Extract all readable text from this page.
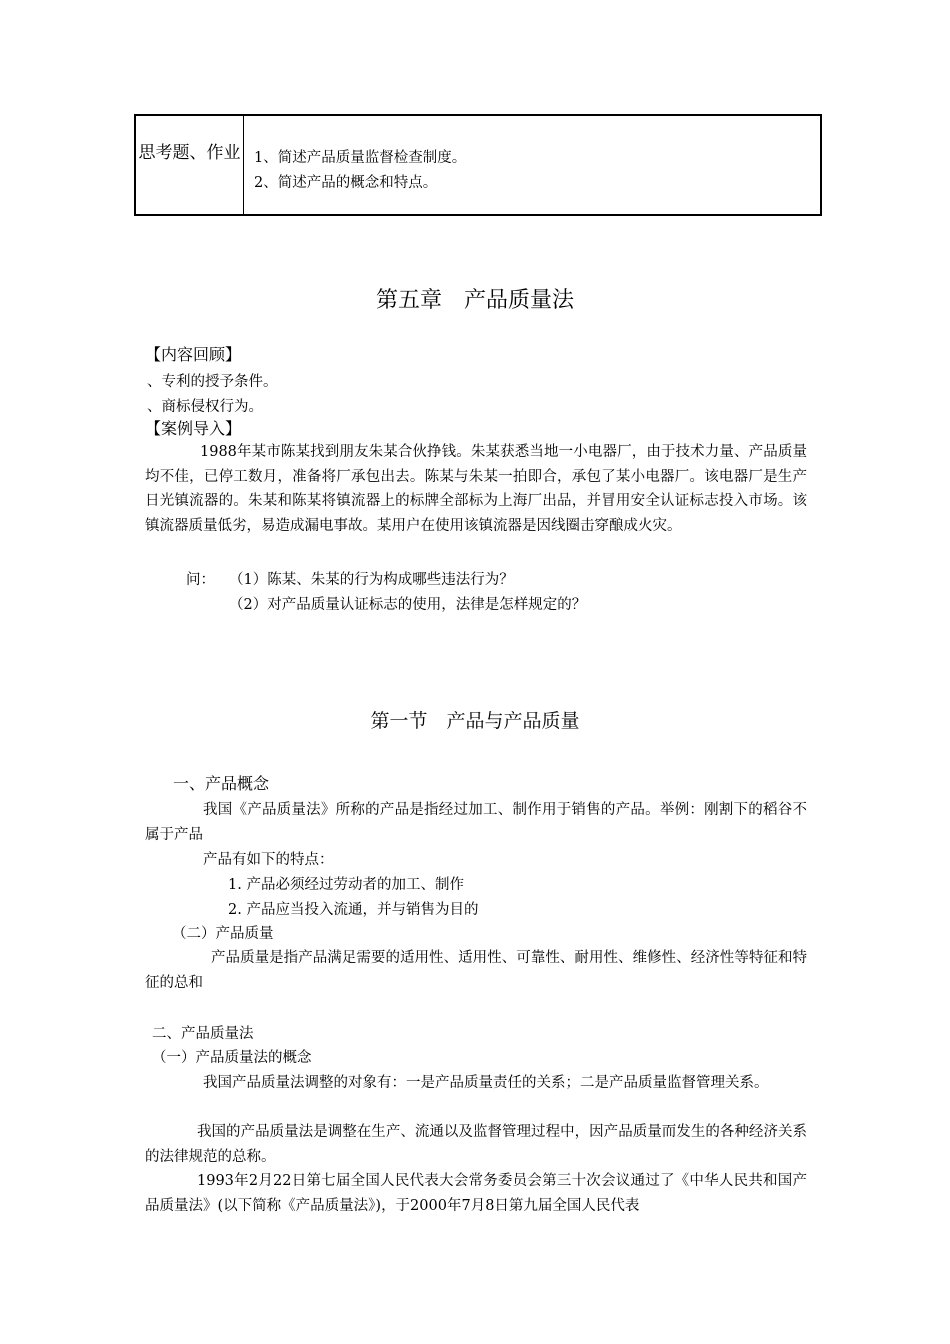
思考题、作业 1、简述产品质量监督检查制度。
2、简述产品的概念和特点。
第五章　产品质量法
【内容回顾】
、专利的授予条件。
、商标侵权行为。
【案例导入】
1988年某市陈某找到朋友朱某合伙挣钱。朱某获悉当地一小电器厂，由于技术力量、产品质量均不佳，已停工数月，准备将厂承包出去。陈某与朱某一拍即合，承包了某小电器厂。该电器厂是生产日光镇流器的。朱某和陈某将镇流器上的标牌全部标为上海厂出品，并冒用安全认证标志投入市场。该镇流器质量低劣，易造成漏电事故。某用户在使用该镇流器是因线圈击穿酿成火灾。
问： （1）陈某、朱某的行为构成哪些违法行为？
（2）对产品质量认证标志的使用，法律是怎样规定的？
第一节　产品与产品质量
一、产品概念
我国《产品质量法》所称的产品是指经过加工、制作用于销售的产品。举例：刚割下的稻谷不属于产品
产品有如下的特点：
1. 产品必须经过劳动者的加工、制作
2. 产品应当投入流通，并与销售为目的
（二）产品质量
产品质量是指产品满足需要的适用性、适用性、可靠性、耐用性、维修性、经济性等特征和特征的总和
二、产品质量法
（一）产品质量法的概念
我国产品质量法调整的对象有：一是产品质量责任的关系；二是产品质量监督管理关系。
我国的产品质量法是调整在生产、流通以及监督管理过程中，因产品质量而发生的各种经济关系的法律规范的总称。
1993年2月22日第七届全国人民代表大会常务委员会第三十次会议通过了《中华人民共和国产品质量法》(以下简称《产品质量法》)，于2000年7月8日第九届全国人民代表
